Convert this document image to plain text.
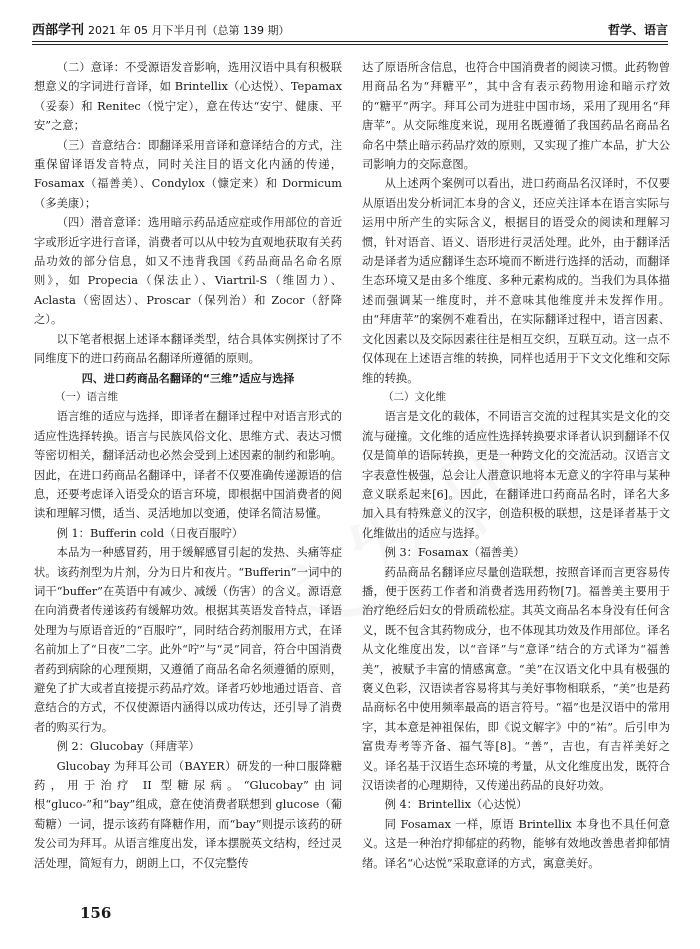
西部学刊 2021 年 05 月下半月刊（总第 139 期）	哲学、语言

（二）意译：不受源语发音影响，选用汉语中具有积极联想意义的字词进行音译，如 Brintellix（心达悦）、Tepamax（妥泰）和 Renitec（悦宁定），意在传达“安宁、健康、平安”之意；

（三）音意结合：即翻译采用音译和意译结合的方式，注重保留译语发音特点，同时关注目的语文化内涵的传递，Fosamax（福善美）、Condylox（慷定来）和 Dormicum（多美康）；

（四）潜音意译：选用暗示药品适应症或作用部位的音近字或形近字进行音译，消费者可以从中较为直观地获取有关药品功效的部分信息，如又不违背我国《药品商品名命名原则》，如 Propecia（保法止）、Viartril-S（维固力）、Aclasta（密固达）、Proscar（保列治）和 Zocor（舒降之）。

以下笔者根据上述译本翻译类型，结合具体实例探讨了不同维度下的进口药商品名翻译所遵循的原则。

四、进口药商品名翻译的“三维”适应与选择

（一）语言维

语言维的适应与选择，即译者在翻译过程中对语言形式的适应性选择转换。语言与民族风俗文化、思维方式、表达习惯等密切相关，翻译活动也必然会受到上述因素的制约和影响。因此，在进口药商品名翻译中，译者不仅要准确传递源语的信息，还要考虑译入语受众的语言环境，即根据中国消费者的阅读和理解习惯，适当、灵活地加以变通，使译名简洁易懂。

例 1：Bufferin cold（日夜百服咛）

本品为一种感冒药，用于缓解感冒引起的发热、头痛等症状。该药剂型为片剂，分为日片和夜片。“Bufferin”一词中的词干“buffer”在英语中有减少、减缓（伤害）的含义。源语意在向消费者传递该药有缓解功效。根据其英语发音特点，译语处理为与原语音近的“百服咛”，同时结合药剂服用方式，在译名前加上了“日夜”二字。此外“咛”与“灵”同音，符合中国消费者药到病除的心理预期，又遵循了商品名命名须遵循的原则，避免了扩大或者直接提示药品疗效。译者巧妙地通过语音、音意结合的方式，不仅使源语内涵得以成功传达，还引导了消费者的购买行为。

例 2：Glucobay（拜唐苹）

Glucobay 为拜耳公司（BAYER）研发的一种口服降糖药，用于治疗 II 型糖尿病。“Glucobay”由词根“gluco-”和“bay”组成，意在使消费者联想到 glucose（葡萄糖）一词，提示该药有降糖作用，而“bay”则提示该药的研发公司为拜耳。从语言维度出发，译本摆脱英文结构，经过灵活处理，简短有力，朗朗上口，不仅完整传

达了原语所含信息，也符合中国消费者的阅读习惯。此药物曾用商品名为“拜糖平”，其中含有表示药物用途和暗示疗效的“糖平”两字。拜耳公司为进驻中国市场，采用了现用名“拜唐苹”。从交际维度来说，现用名既遵循了我国药品名商品名命名中禁止暗示药品疗效的原则，又实现了推广本品，扩大公司影响力的交际意图。

从上述两个案例可以看出，进口药商品名汉译时，不仅要从原语出发分析词汇本身的含义，还应关注译本在语言实际与运用中所产生的实际含义，根据目的语受众的阅读和理解习惯，针对语音、语义、语形进行灵活处理。此外，由于翻译活动是译者为适应翻译生态环境而不断进行选择的活动，而翻译生态环境又是由多个维度、多种元素构成的。当我们为具体描述而强调某一维度时，并不意味其他维度并未发挥作用。由“拜唐苹”的案例不难看出，在实际翻译过程中，语言因素、文化因素以及交际因素往往是相互交织，互联互动。这一点不仅体现在上述语言维的转换，同样也适用于下文文化维和交际维的转换。

（二）文化维

语言是文化的载体，不同语言交流的过程其实是文化的交流与碰撞。文化维的适应性选择转换要求译者认识到翻译不仅仅是简单的语际转换，更是一种跨文化的交流活动。汉语言文字表意性极强，总会让人潜意识地将本无意义的字符串与某种意义联系起来[6]。因此，在翻译进口药商品名时，译名大多加入具有特殊意义的汉字，创造积极的联想，这是译者基于文化维做出的适应与选择。

例 3：Fosamax（福善美）

药品商品名翻译应尽量创造联想，按照音译而言更容易传播，便于医药工作者和消费者选用药物[7]。福善美主要用于治疗绝经后妇女的骨质疏松症。其英文商品名本身没有任何含义，既不包含其药物成分，也不体现其功效及作用部位。译名从文化维度出发，以“音译”与“意译”结合的方式译为“福善美”，被赋予丰富的情感寓意。“美”在汉语文化中具有极强的褒义色彩，汉语读者容易将其与美好事物相联系，“美”也是药品商标名中使用频率最高的语言符号。“福”也是汉语中的常用字，其本意是神祖保佑，即《说文解字》中的“祐”。后引申为富贵寿考等齐备、福气等[8]。“善”，吉也，有吉祥美好之义。译名基于汉语生态环境的考量，从文化维度出发，既符合汉语读者的心理期待，又传递出药品的良好功效。

例 4：Brintellix（心达悦）

同 Fosamax 一样，原语 Brintellix 本身也不具任何意义。这是一种治疗抑郁症的药物，能够有效地改善患者抑郁情绪。译名“心达悦”采取意译的方式，寓意美好。

156
